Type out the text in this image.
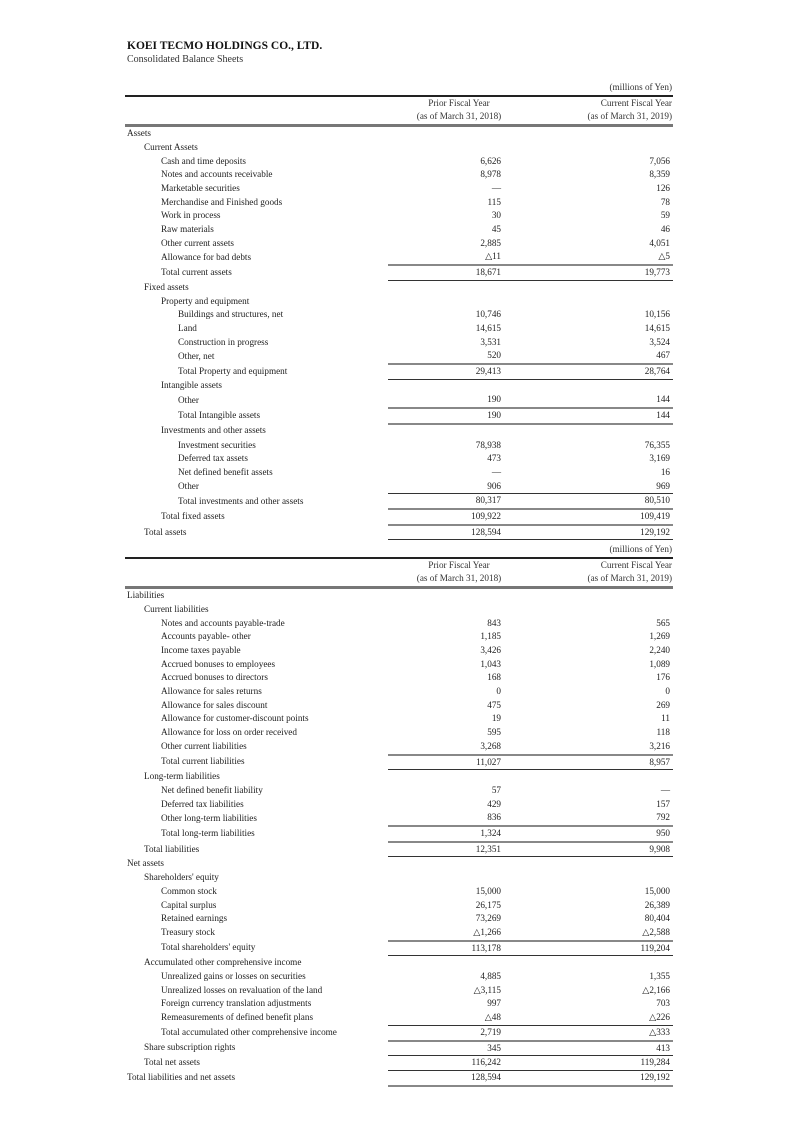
KOEI TECMO HOLDINGS CO., LTD.
Consolidated Balance Sheets
		(millions of Yen)
	Prior Fiscal Year	Current Fiscal Year
	(as of March 31, 2018)	(as of March 31, 2019)
Assets		
Current Assets		
Cash and time deposits	6,626	7,056
Notes and accounts receivable	8,978	8,359
Marketable securities	—	126
Merchandise and Finished goods	115	78
Work in process	30	59
Raw materials	45	46
Other current assets	2,885	4,051
Allowance for bad debts	△11	△5
Total current assets	18,671	19,773
Fixed assets		
Property and equipment		
Buildings and structures, net	10,746	10,156
Land	14,615	14,615
Construction in progress	3,531	3,524
Other, net	520	467
Total Property and equipment	29,413	28,764
Intangible assets		
Other	190	144
Total Intangible assets	190	144
Investments and other assets		
Investment securities	78,938	76,355
Deferred tax assets	473	3,169
Net defined benefit assets	—	16
Other	906	969
Total investments and other assets	80,317	80,510
Total fixed assets	109,922	109,419
Total assets	128,594	129,192
		(millions of Yen)
	Prior Fiscal Year	Current Fiscal Year
	(as of March 31, 2018)	(as of March 31, 2019)
Liabilities		
Current liabilities		
Notes and accounts payable-trade	843	565
Accounts payable- other	1,185	1,269
Income taxes payable	3,426	2,240
Accrued bonuses to employees	1,043	1,089
Accrued bonuses to directors	168	176
Allowance for sales returns	0	0
Allowance for sales discount	475	269
Allowance for customer-discount points	19	11
Allowance for loss on order received	595	118
Other current liabilities	3,268	3,216
Total current liabilities	11,027	8,957
Long-term liabilities		
Net defined benefit liability	57	—
Deferred tax liabilities	429	157
Other long-term liabilities	836	792
Total long-term liabilities	1,324	950
Total liabilities	12,351	9,908
Net assets		
Shareholders' equity		
Common stock	15,000	15,000
Capital surplus	26,175	26,389
Retained earnings	73,269	80,404
Treasury stock	△1,266	△2,588
Total shareholders' equity	113,178	119,204
Accumulated other comprehensive income		
Unrealized gains or losses on securities	4,885	1,355
Unrealized losses on revaluation of the land	△3,115	△2,166
Foreign currency translation adjustments	997	703
Remeasurements of defined benefit plans	△48	△226
Total accumulated other comprehensive income	2,719	△333
Share subscription rights	345	413
Total net assets	116,242	119,284
Total liabilities and net assets	128,594	129,192
